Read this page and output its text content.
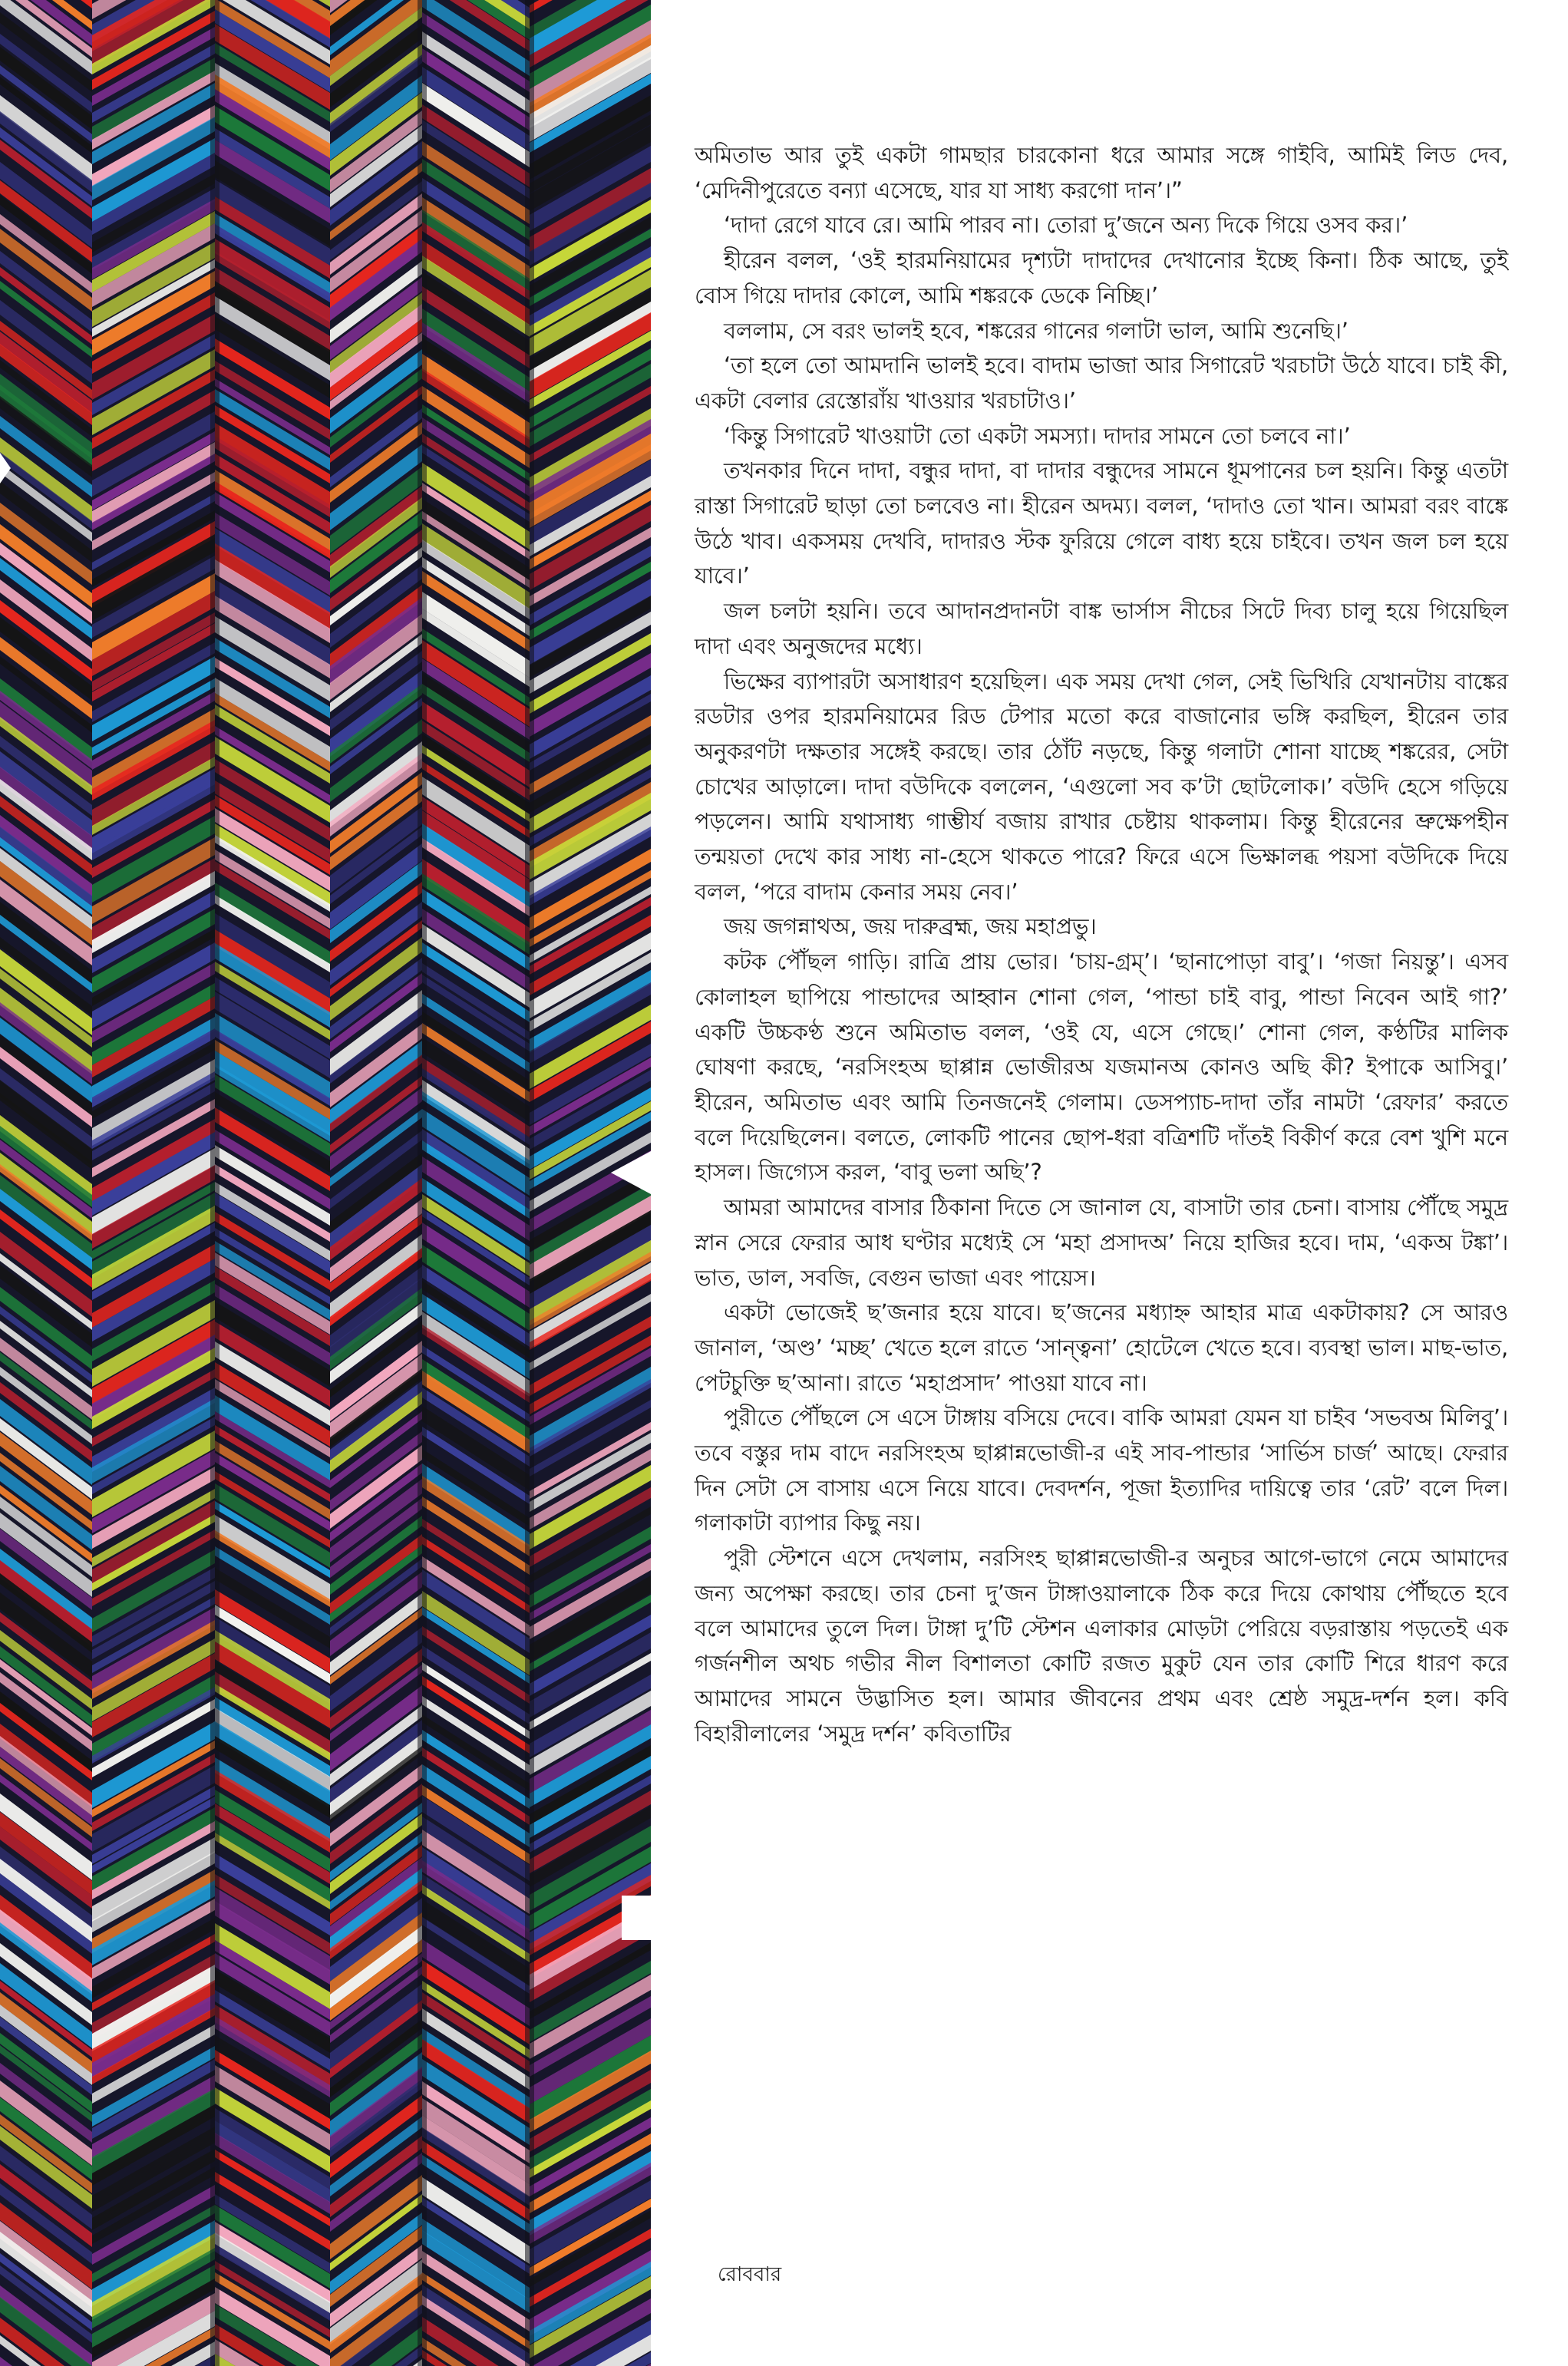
অমিতাভ আর তুই একটা গামছার চারকোনা ধরে আমার সঙ্গে গাইবি, আমিই লিড দেব, ‘মেদিনীপুরেতে বন্যা এসেছে, যার যা সাধ্য করগো দান’।”

‘দাদা রেগে যাবে রে। আমি পারব না। তোরা দু’জনে অন্য দিকে গিয়ে ওসব কর।’

হীরেন বলল, ‘ওই হারমনিয়ামের দৃশ্যটা দাদাদের দেখানোর ইচ্ছে কিনা। ঠিক আছে, তুই বোস গিয়ে দাদার কোলে, আমি শঙ্করকে ডেকে নিচ্ছি।’

বললাম, সে বরং ভালই হবে, শঙ্করের গানের গলাটা ভাল, আমি শুনেছি।’

‘তা হলে তো আমদানি ভালই হবে। বাদাম ভাজা আর সিগারেট খরচাটা উঠে যাবে। চাই কী, একটা বেলার রেস্তোরাঁয় খাওয়ার খরচাটাও।’

‘কিন্তু সিগারেট খাওয়াটা তো একটা সমস্যা। দাদার সামনে তো চলবে না।’

তখনকার দিনে দাদা, বন্ধুর দাদা, বা দাদার বন্ধুদের সামনে ধূমপানের চল হয়নি। কিন্তু এতটা রাস্তা সিগারেট ছাড়া তো চলবেও না। হীরেন অদম্য। বলল, ‘দাদাও তো খান। আমরা বরং বাঙ্কে উঠে খাব। একসময় দেখবি, দাদারও স্টক ফুরিয়ে গেলে বাধ্য হয়ে চাইবে। তখন জল চল হয়ে যাবে।’

জল চলটা হয়নি। তবে আদানপ্রদানটা বাঙ্ক ভার্সাস নীচের সিটে দিব্য চালু হয়ে গিয়েছিল দাদা এবং অনুজদের মধ্যে।

ভিক্ষের ব্যাপারটা অসাধারণ হয়েছিল। এক সময় দেখা গেল, সেই ভিখিরি যেখানটায় বাঙ্কের রডটার ওপর হারমনিয়ামের রিড টেপার মতো করে বাজানোর ভঙ্গি করছিল, হীরেন তার অনুকরণটা দক্ষতার সঙ্গেই করছে। তার ঠোঁট নড়ছে, কিন্তু গলাটা শোনা যাচ্ছে শঙ্করের, সেটা চোখের আড়ালে। দাদা বউদিকে বললেন, ‘এগুলো সব ক’টা ছোটলোক।’ বউদি হেসে গড়িয়ে পড়লেন। আমি যথাসাধ্য গাম্ভীর্য বজায় রাখার চেষ্টায় থাকলাম। কিন্তু হীরেনের ভ্রুক্ষেপহীন তন্ময়তা দেখে কার সাধ্য না-হেসে থাকতে পারে? ফিরে এসে ভিক্ষালব্ধ পয়সা বউদিকে দিয়ে বলল, ‘পরে বাদাম কেনার সময় নেব।’

জয় জগন্নাথঅ, জয় দারুব্রহ্ম, জয় মহাপ্রভু।

কটক পৌঁছল গাড়ি। রাত্রি প্রায় ভোর। ‘চায়-গ্রম্’। ‘ছানাপোড়া বাবু’। ‘গজা নিয়ন্তু’। এসব কোলাহল ছাপিয়ে পান্ডাদের আহ্বান শোনা গেল, ‘পান্ডা চাই বাবু, পান্ডা নিবেন আই গা?’ একটি উচ্চকণ্ঠ শুনে অমিতাভ বলল, ‘ওই যে, এসে গেছে।’ শোনা গেল, কণ্ঠটির মালিক ঘোষণা করছে, ‘নরসিংহঅ ছাপ্পান্ন ভোজীরঅ যজমানঅ কোনও অছি কী? ইপাকে আসিবু।’ হীরেন, অমিতাভ এবং আমি তিনজনেই গেলাম। ডেসপ্যাচ-দাদা তাঁর নামটা ‘রেফার’ করতে বলে দিয়েছিলেন। বলতে, লোকটি পানের ছোপ-ধরা বত্রিশটি দাঁতই বিকীর্ণ করে বেশ খুশি মনে হাসল। জিগ্যেস করল, ‘বাবু ভলা অছি’?

আমরা আমাদের বাসার ঠিকানা দিতে সে জানাল যে, বাসাটা তার চেনা। বাসায় পৌঁছে সমুদ্র স্নান সেরে ফেরার আধ ঘণ্টার মধ্যেই সে ‘মহা প্রসাদঅ’ নিয়ে হাজির হবে। দাম, ‘একঅ টঙ্কা’। ভাত, ডাল, সবজি, বেগুন ভাজা এবং পায়েস।

একটা ভোজেই ছ’জনার হয়ে যাবে। ছ’জনের মধ্যাহ্ন আহার মাত্র একটাকায়? সে আরও জানাল, ‘অণ্ড’ ‘মচ্ছ’ খেতে হলে রাতে ‘সান্ত্বনা’ হোটেলে খেতে হবে। ব্যবস্থা ভাল। মাছ-ভাত, পেটচুক্তি ছ’আনা। রাতে ‘মহাপ্রসাদ’ পাওয়া যাবে না।

পুরীতে পৌঁছলে সে এসে টাঙ্গায় বসিয়ে দেবে। বাকি আমরা যেমন যা চাইব ‘সভবঅ মিলিবু’। তবে বস্তুর দাম বাদে নরসিংহঅ ছাপ্পান্নভোজী-র এই সাব-পান্ডার ‘সার্ভিস চার্জ’ আছে। ফেরার দিন সেটা সে বাসায় এসে নিয়ে যাবে। দেবদর্শন, পূজা ইত্যাদির দায়িত্বে তার ‘রেট’ বলে দিল। গলাকাটা ব্যাপার কিছু নয়।

পুরী স্টেশনে এসে দেখলাম, নরসিংহ ছাপ্পান্নভোজী-র অনুচর আগে-ভাগে নেমে আমাদের জন্য অপেক্ষা করছে। তার চেনা দু’জন টাঙ্গাওয়ালাকে ঠিক করে দিয়ে কোথায় পৌঁছতে হবে বলে আমাদের তুলে দিল। টাঙ্গা দু’টি স্টেশন এলাকার মোড়টা পেরিয়ে বড়রাস্তায় পড়তেই এক গর্জনশীল অথচ গভীর নীল বিশালতা কোটি রজত মুকুট যেন তার কোটি শিরে ধারণ করে আমাদের সামনে উদ্ভাসিত হল। আমার জীবনের প্রথম এবং শ্রেষ্ঠ সমুদ্র-দর্শন হল। কবি বিহারীলালের ‘সমুদ্র দর্শন’ কবিতাটির

রোববার
